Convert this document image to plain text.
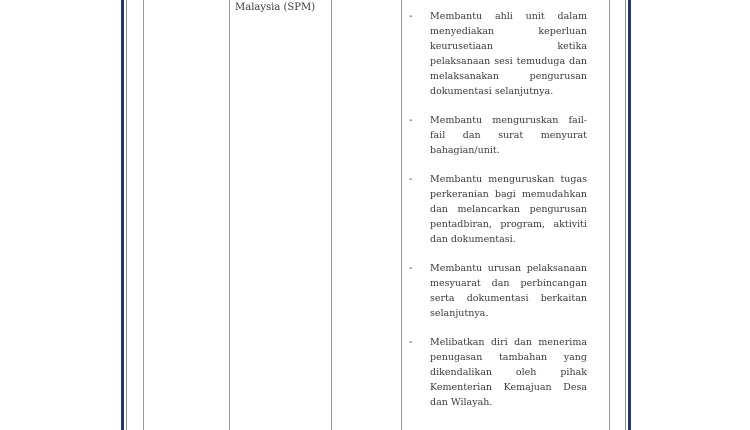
Malaysia (SPM)
- Membantu ahli unit dalam menyediakan keperluan keurusetiaan ketika pelaksanaan sesi temuduga dan melaksanakan pengurusan dokumentasi selanjutnya.
- Membantu menguruskan fail-fail dan surat menyurat bahagian/unit.
- Membantu menguruskan tugas perkeranian bagi memudahkan dan melancarkan pengurusan pentadbiran, program, aktiviti dan dokumentasi.
- Membantu urusan pelaksanaan mesyuarat dan perbincangan serta dokumentasi berkaitan selanjutnya.
- Melibatkan diri dan menerima penugasan tambahan yang dikendalikan oleh pihak Kementerian Kemajuan Desa dan Wilayah.
